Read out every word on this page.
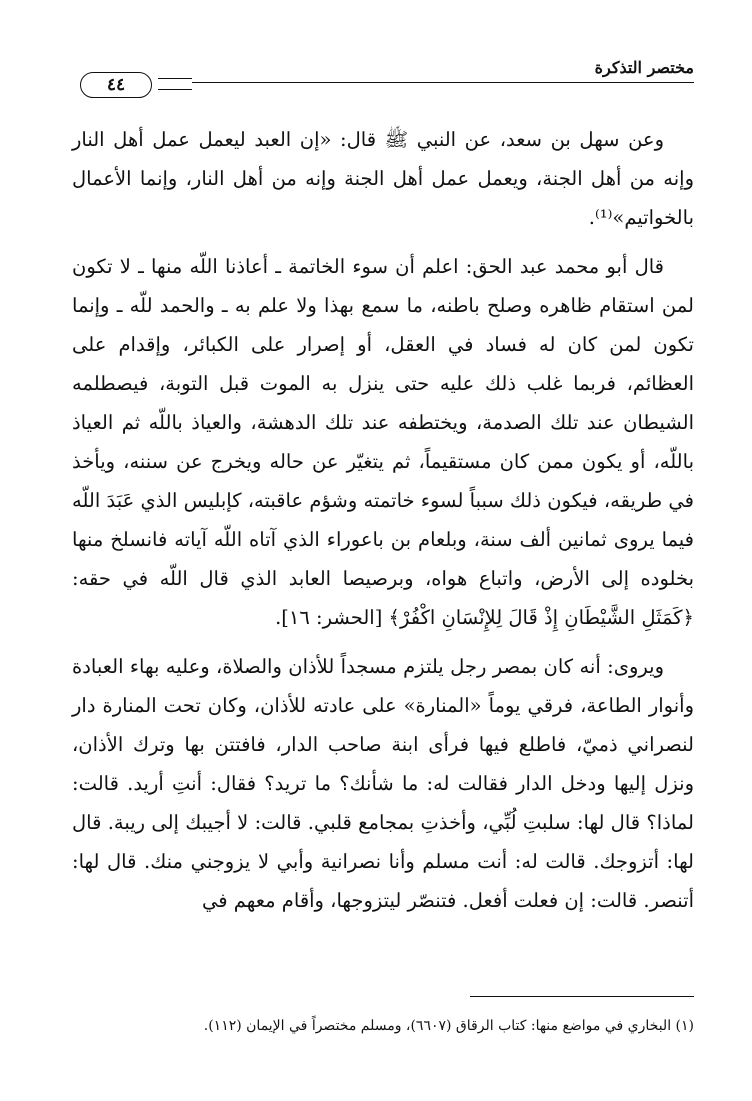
مختصر التذكرة
٤٤

وعن سهل بن سعد، عن النبي ﷺ قال: «إن العبد ليعمل عمل أهل النار وإنه من أهل الجنة، ويعمل عمل أهل الجنة وإنه من أهل النار، وإنما الأعمال بالخواتيم»⁽¹⁾.

قال أبو محمد عبد الحق: اعلم أن سوء الخاتمة ـ أعاذنا اللّه منها ـ لا تكون لمن استقام ظاهره وصلح باطنه، ما سمع بهذا ولا علم به ـ والحمد للّه ـ وإنما تكون لمن كان له فساد في العقل، أو إصرار على الكبائر، وإقدام على العظائم، فربما غلب ذلك عليه حتى ينزل به الموت قبل التوبة، فيصطلمه الشيطان عند تلك الصدمة، ويختطفه عند تلك الدهشة، والعياذ باللّه ثم العياذ باللّه، أو يكون ممن كان مستقيماً، ثم يتغيّر عن حاله ويخرج عن سننه، ويأخذ في طريقه، فيكون ذلك سبباً لسوء خاتمته وشؤم عاقبته، كإبليس الذي عَبَدَ اللّه فيما يروى ثمانين ألف سنة، وبلعام بن باعوراء الذي آتاه اللّه آياته فانسلخ منها بخلوده إلى الأرض، واتباع هواه، وبرصيصا العابد الذي قال اللّه في حقه: ﴿كَمَثَلِ الشَّيْطَانِ إِذْ قَالَ لِلإِنْسَانِ اكْفُرْ﴾ [الحشر: ١٦].

ويروى: أنه كان بمصر رجل يلتزم مسجداً للأذان والصلاة، وعليه بهاء العبادة وأنوار الطاعة، فرقي يوماً «المنارة» على عادته للأذان، وكان تحت المنارة دار لنصراني ذميّ، فاطلع فيها فرأى ابنة صاحب الدار، فافتتن بها وترك الأذان، ونزل إليها ودخل الدار فقالت له: ما شأنك؟ ما تريد؟ فقال: أنتِ أريد. قالت: لماذا؟ قال لها: سلبتِ لُبِّي، وأخذتِ بمجامع قلبي. قالت: لا أجيبك إلى ريبة. قال لها: أتزوجك. قالت له: أنت مسلم وأنا نصرانية وأبي لا يزوجني منك. قال لها: أتنصر. قالت: إن فعلت أفعل. فتنصّر ليتزوجها، وأقام معهم في

(١) البخاري في مواضع منها: كتاب الرقاق (٦٦٠٧)، ومسلم مختصراً في الإيمان (١١٢).
